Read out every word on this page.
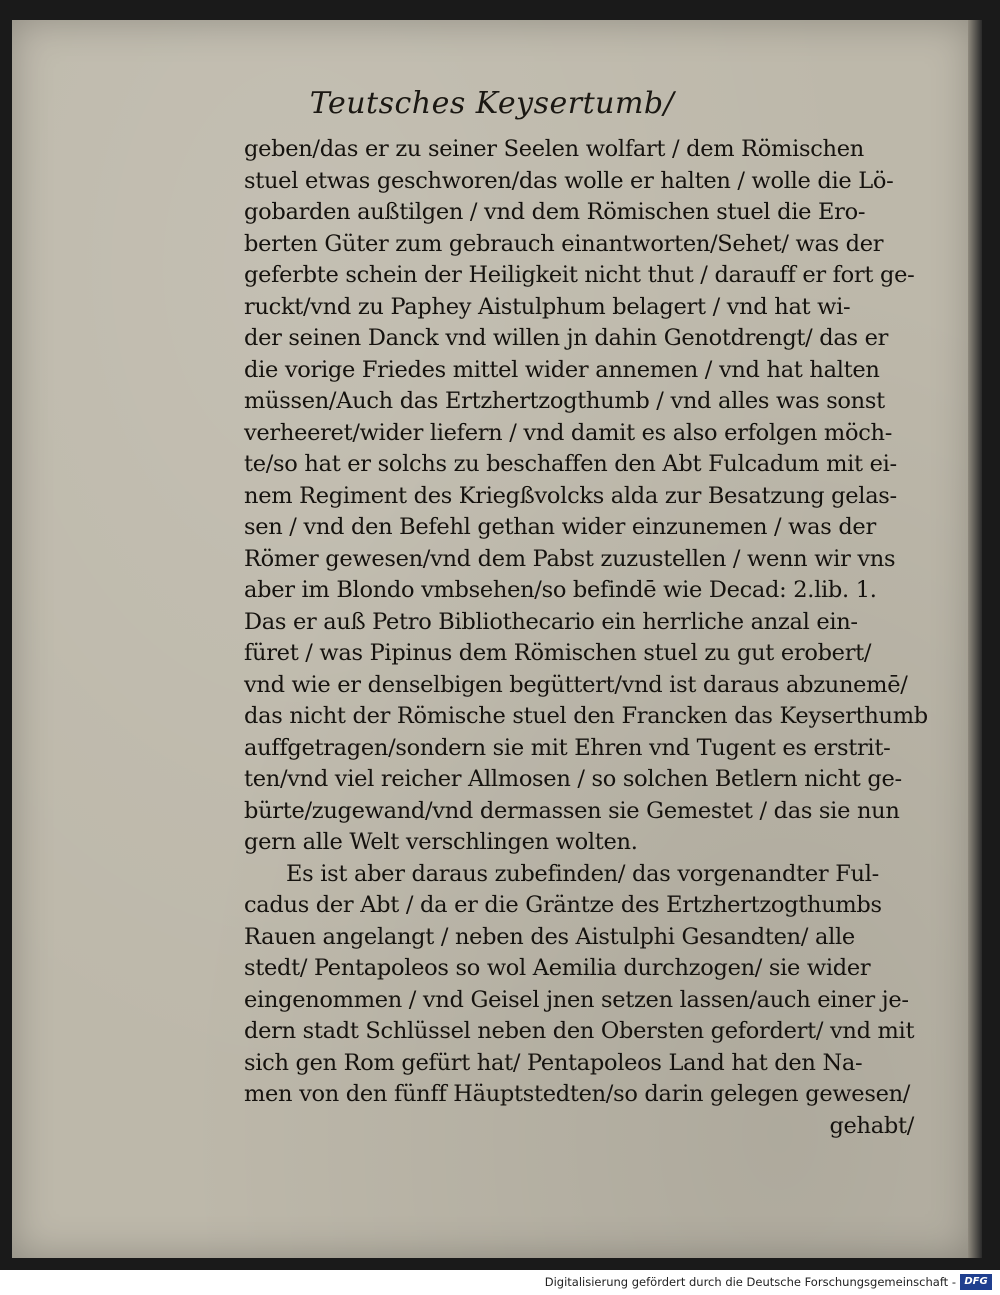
Teutsches Keysertumb/
geben/das er zu seiner Seelen wolfart / dem Römischen
stuel etwas geschworen/das wolle er halten / wolle die Lö-
gobarden außtilgen / vnd dem Römischen stuel die Ero-
berten Güter zum gebrauch einantworten/Sehet/ was der
geferbte schein der Heiligkeit nicht thut / darauff er fort ge-
ruckt/vnd zu Paphey Aistulphum belagert / vnd hat wi-
der seinen Danck vnd willen jn dahin Genotdrengt/ das er
die vorige Friedes mittel wider annemen / vnd hat halten
müssen/Auch das Ertzhertzogthumb / vnd alles was sonst
verheeret/wider liefern / vnd damit es also erfolgen möch-
te/so hat er solchs zu beschaffen den Abt Fulcadum mit ei-
nem Regiment des Kriegßvolcks alda zur Besatzung gelas-
sen / vnd den Befehl gethan wider einzunemen / was der
Römer gewesen/vnd dem Pabst zuzustellen / wenn wir vns
aber im Blondo vmbsehen/so befindē wie Decad: 2.lib. 1.
Das er auß Petro Bibliothecario ein herrliche anzal ein-
füret / was Pipinus dem Römischen stuel zu gut erobert/
vnd wie er denselbigen begüttert/vnd ist daraus abzunemē/
das nicht der Römische stuel den Francken das Keyserthumb
auffgetragen/sondern sie mit Ehren vnd Tugent es erstrit-
ten/vnd viel reicher Allmosen / so solchen Betlern nicht ge-
bürte/zugewand/vnd dermassen sie Gemestet / das sie nun
gern alle Welt verschlingen wolten.
Es ist aber daraus zubefinden/ das vorgenandter Ful-
cadus der Abt / da er die Gräntze des Ertzhertzogthumbs
Rauen angelangt / neben des Aistulphi Gesandten/ alle
stedt/ Pentapoleos so wol Aemilia durchzogen/ sie wider
eingenommen / vnd Geisel jnen setzen lassen/auch einer je-
dern stadt Schlüssel neben den Obersten gefordert/ vnd mit
sich gen Rom gefürt hat/ Pentapoleos Land hat den Na-
men von den fünff Häuptstedten/so darin gelegen gewesen/
gehabt/
Digitalisierung gefördert durch die Deutsche Forschungsgemeinschaft - DFG
